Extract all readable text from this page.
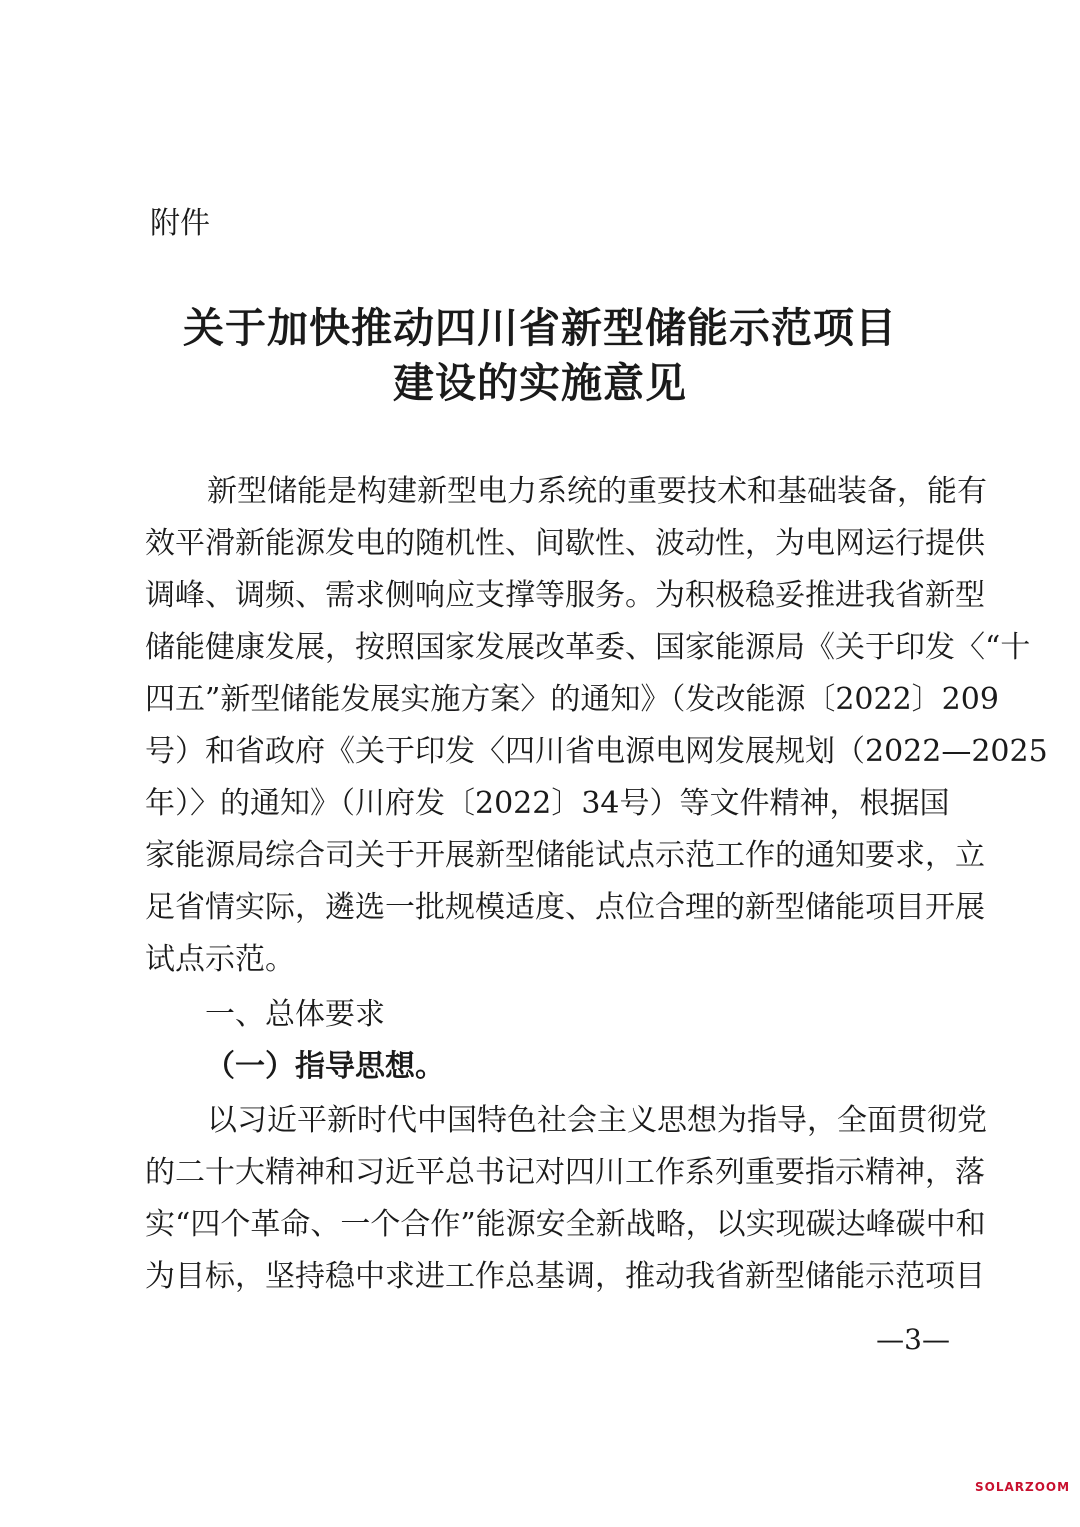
附件
关于加快推动四川省新型储能示范项目
建设的实施意见
新型储能是构建新型电力系统的重要技术和基础装备，能有
效平滑新能源发电的随机性、间歇性、波动性，为电网运行提供
调峰、调频、需求侧响应支撑等服务。为积极稳妥推进我省新型
储能健康发展，按照国家发展改革委、国家能源局《关于印发〈“十
四五”新型储能发展实施方案〉的通知》（发改能源〔2022〕209
号）和省政府《关于印发〈四川省电源电网发展规划（2022—2025
年）〉的通知》（川府发〔2022〕34号）等文件精神，根据国
家能源局综合司关于开展新型储能试点示范工作的通知要求，立
足省情实际，遴选一批规模适度、点位合理的新型储能项目开展
试点示范。
一、总体要求
（一）指导思想。
以习近平新时代中国特色社会主义思想为指导，全面贯彻党
的二十大精神和习近平总书记对四川工作系列重要指示精神，落
实“四个革命、一个合作”能源安全新战略，以实现碳达峰碳中和
为目标，坚持稳中求进工作总基调，推动我省新型储能示范项目
—3—
SOLARZOOM
